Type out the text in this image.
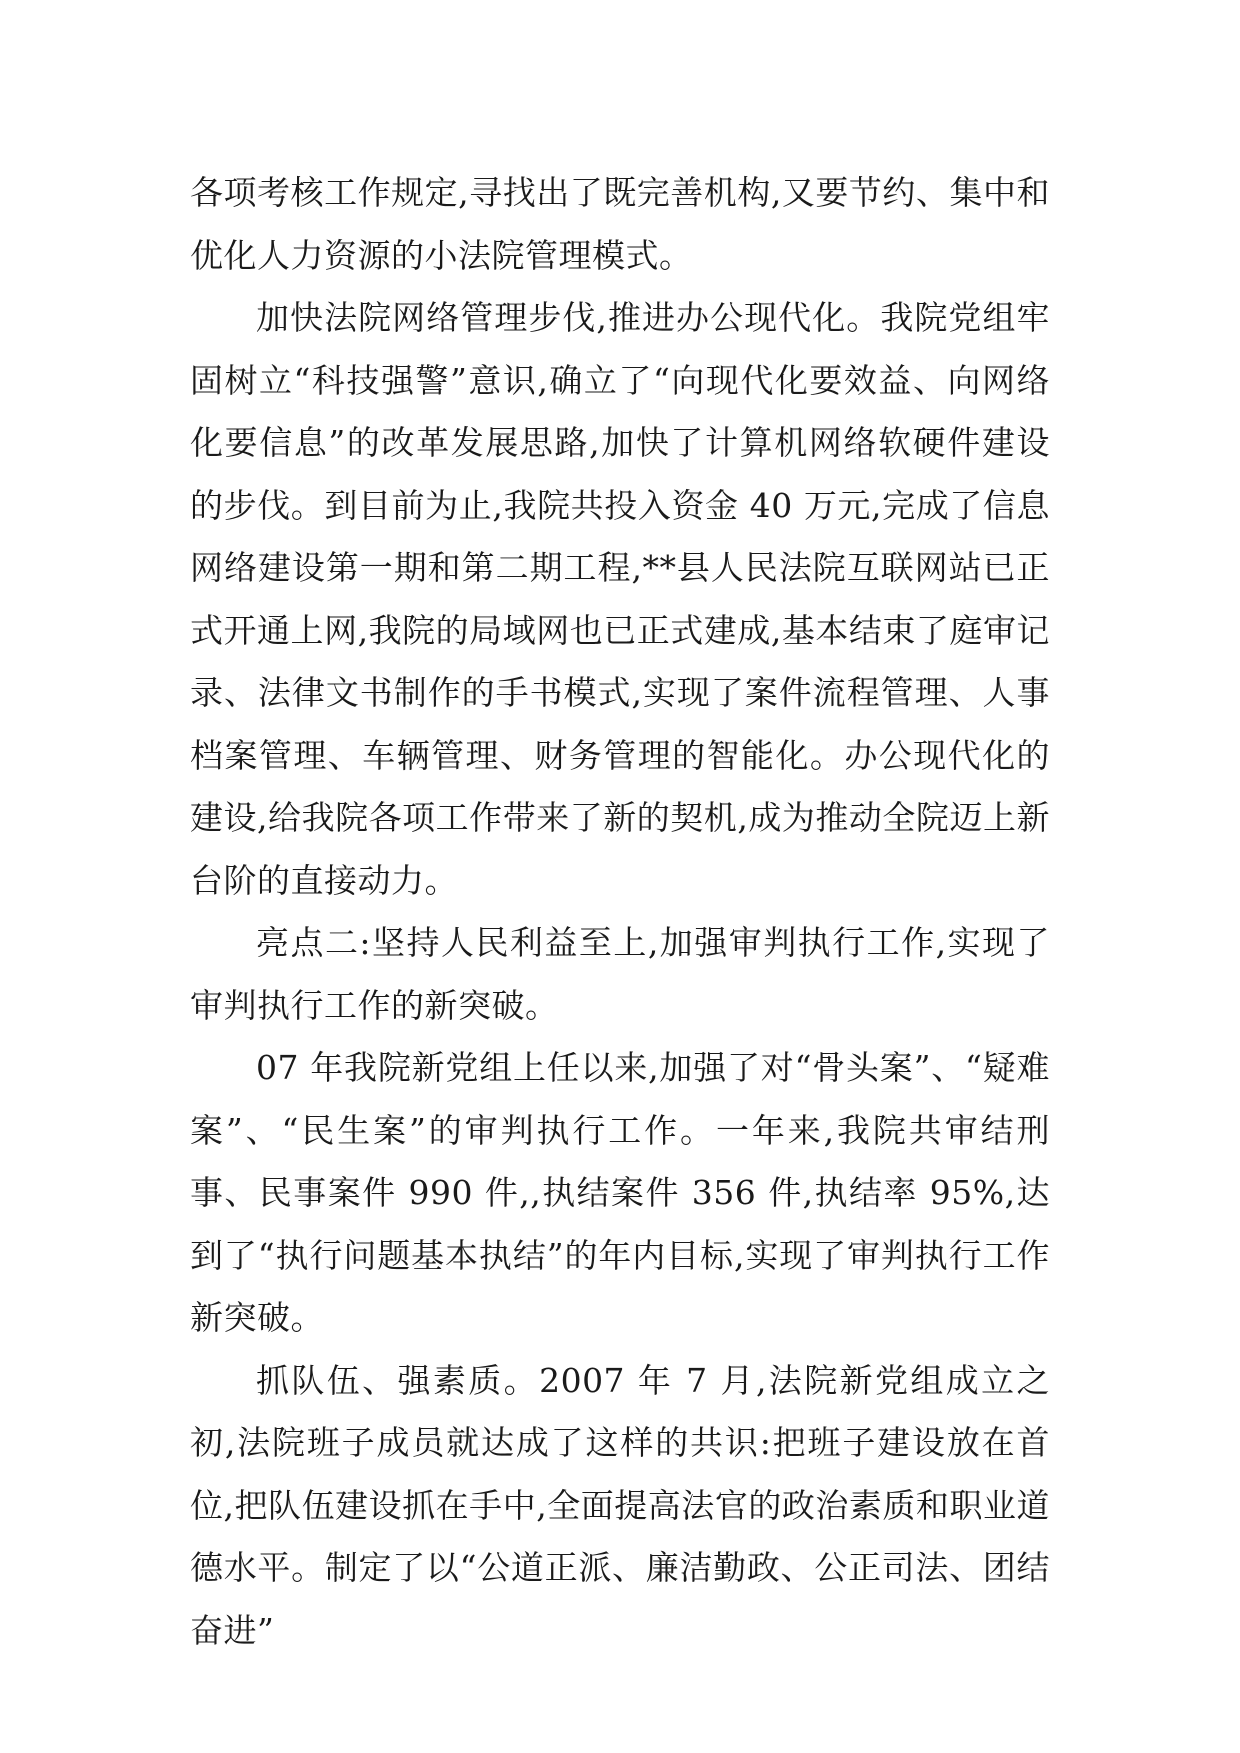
各项考核工作规定,寻找出了既完善机构,又要节约、集中和优化人力资源的小法院管理模式。

加快法院网络管理步伐,推进办公现代化。我院党组牢固树立“科技强警”意识,确立了“向现代化要效益、向网络化要信息”的改革发展思路,加快了计算机网络软硬件建设的步伐。到目前为止,我院共投入资金 40 万元,完成了信息网络建设第一期和第二期工程,**县人民法院互联网站已正式开通上网,我院的局域网也已正式建成,基本结束了庭审记录、法律文书制作的手书模式,实现了案件流程管理、人事档案管理、车辆管理、财务管理的智能化。办公现代化的建设,给我院各项工作带来了新的契机,成为推动全院迈上新台阶的直接动力。

亮点二:坚持人民利益至上,加强审判执行工作,实现了审判执行工作的新突破。

07 年我院新党组上任以来,加强了对“骨头案”、“疑难案”、“民生案”的审判执行工作。一年来,我院共审结刑事、民事案件 990 件,,执结案件 356 件,执结率 95%,达到了“执行问题基本执结”的年内目标,实现了审判执行工作新突破。

抓队伍、强素质。2007 年 7 月,法院新党组成立之初,法院班子成员就达成了这样的共识:把班子建设放在首位,把队伍建设抓在手中,全面提高法官的政治素质和职业道德水平。制定了以“公道正派、廉洁勤政、公正司法、团结奋进”
